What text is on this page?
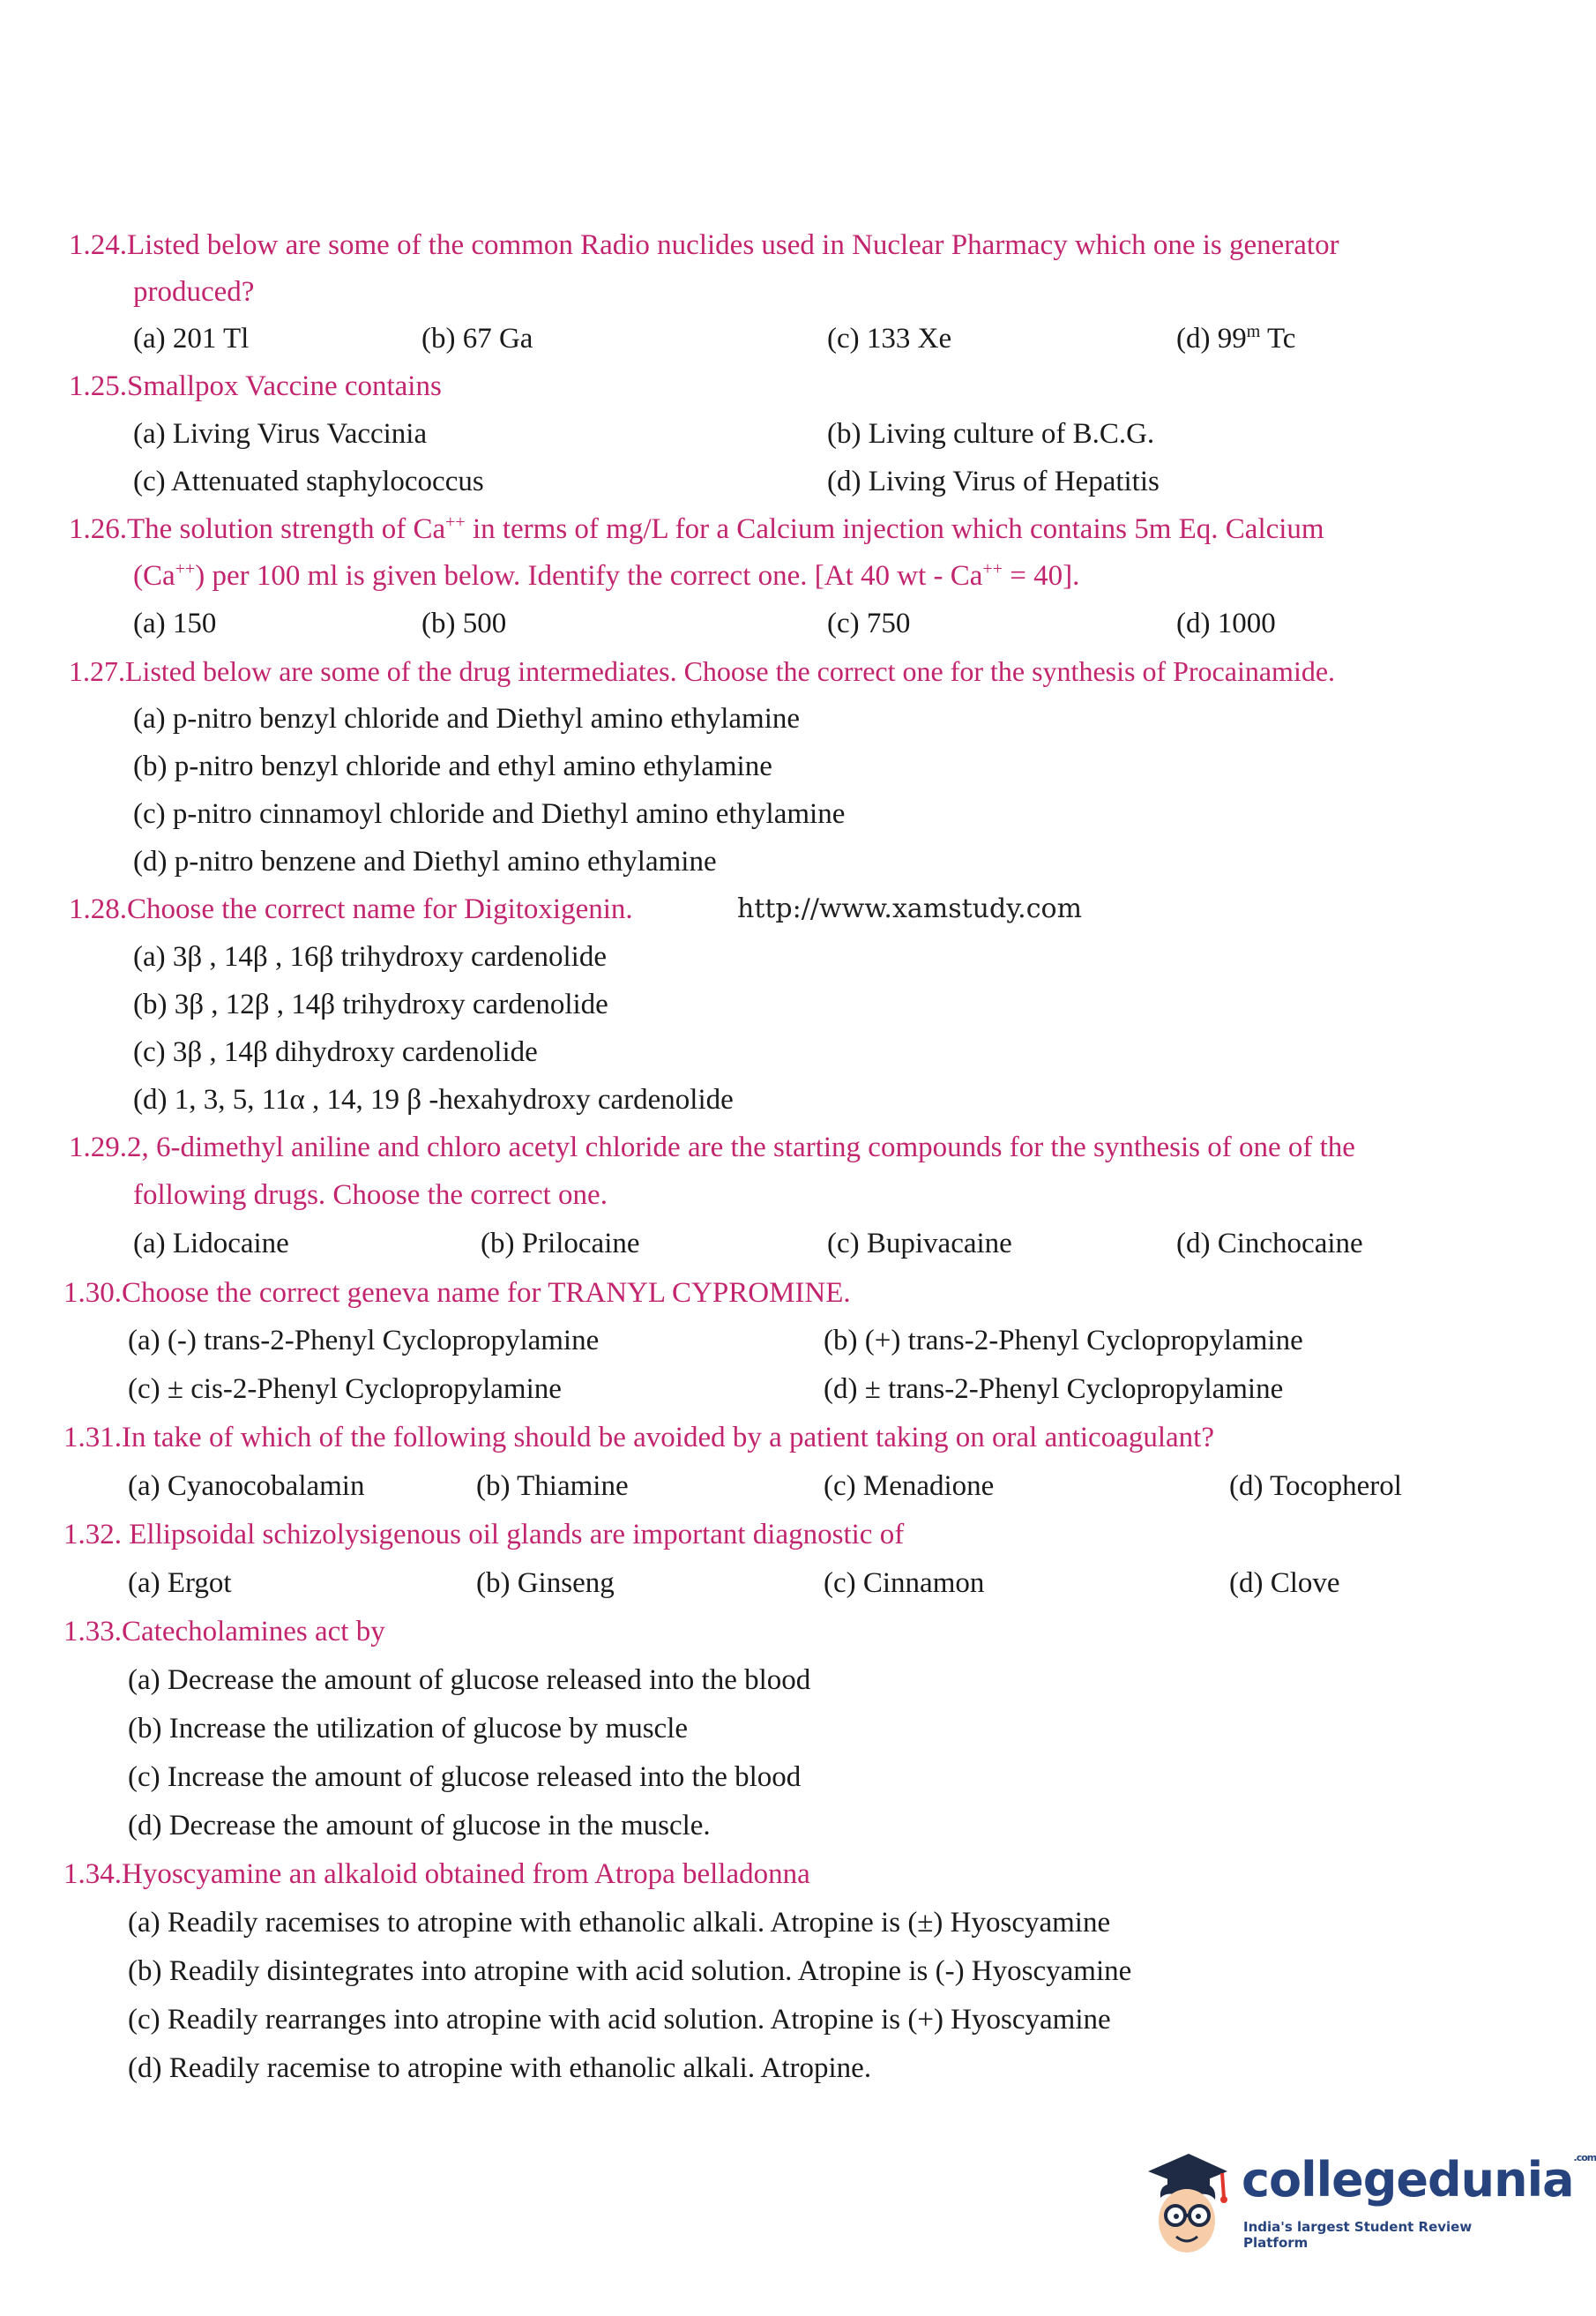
1.24.Listed below are some of the common Radio nuclides used in Nuclear Pharmacy which one is generator
produced?
(a) 201 Tl	(b) 67 Ga	(c) 133 Xe	(d) 99$^m$ Tc
1.25.Smallpox Vaccine contains
(a) Living Virus Vaccinia	(b) Living culture of B.C.G.
(c) Attenuated staphylococcus	(d) Living Virus of Hepatitis
1.26.The solution strength of Ca++ in terms of mg/L for a Calcium injection which contains 5m Eq. Calcium
(Ca++) per 100 ml is given below. Identify the correct one. [At 40 wt - Ca++ = 40].
(a) 150	(b) 500	(c) 750	(d) 1000
1.27.Listed below are some of the drug intermediates. Choose the correct one for the synthesis of Procainamide.
(a) p-nitro benzyl chloride and Diethyl amino ethylamine
(b) p-nitro benzyl chloride and ethyl amino ethylamine
(c) p-nitro cinnamoyl chloride and Diethyl amino ethylamine
(d) p-nitro benzene and Diethyl amino ethylamine
1.28.Choose the correct name for Digitoxigenin.	http://www.xamstudy.com
(a) 3β , 14β , 16β trihydroxy cardenolide
(b) 3β , 12β , 14β trihydroxy cardenolide
(c) 3β , 14β dihydroxy cardenolide
(d) 1, 3, 5, 11α , 14, 19 β -hexahydroxy cardenolide
1.29.2, 6-dimethyl aniline and chloro acetyl chloride are the starting compounds for the synthesis of one of the
following drugs. Choose the correct one.
(a) Lidocaine	(b) Prilocaine	(c) Bupivacaine	(d) Cinchocaine
1.30.Choose the correct geneva name for TRANYL CYPROMINE.
(a) (-) trans-2-Phenyl Cyclopropylamine	(b) (+) trans-2-Phenyl Cyclopropylamine
(c) ± cis-2-Phenyl Cyclopropylamine	(d) ± trans-2-Phenyl Cyclopropylamine
1.31.In take of which of the following should be avoided by a patient taking on oral anticoagulant?
(a) Cyanocobalamin	(b) Thiamine	(c) Menadione	(d) Tocopherol
1.32. Ellipsoidal schizolysigenous oil glands are important diagnostic of
(a) Ergot	(b) Ginseng	(c) Cinnamon	(d) Clove
1.33.Catecholamines act by
(a) Decrease the amount of glucose released into the blood
(b) Increase the utilization of glucose by muscle
(c) Increase the amount of glucose released into the blood
(d) Decrease the amount of glucose in the muscle.
1.34.Hyoscyamine an alkaloid obtained from Atropa belladonna
(a) Readily racemises to atropine with ethanolic alkali. Atropine is (±) Hyoscyamine
(b) Readily disintegrates into atropine with acid solution. Atropine is (-) Hyoscyamine
(c) Readily rearranges into atropine with acid solution. Atropine is (+) Hyoscyamine
(d) Readily racemise to atropine with ethanolic alkali. Atropine.
collegedunia$^{.com}$
India's largest Student Review Platform
